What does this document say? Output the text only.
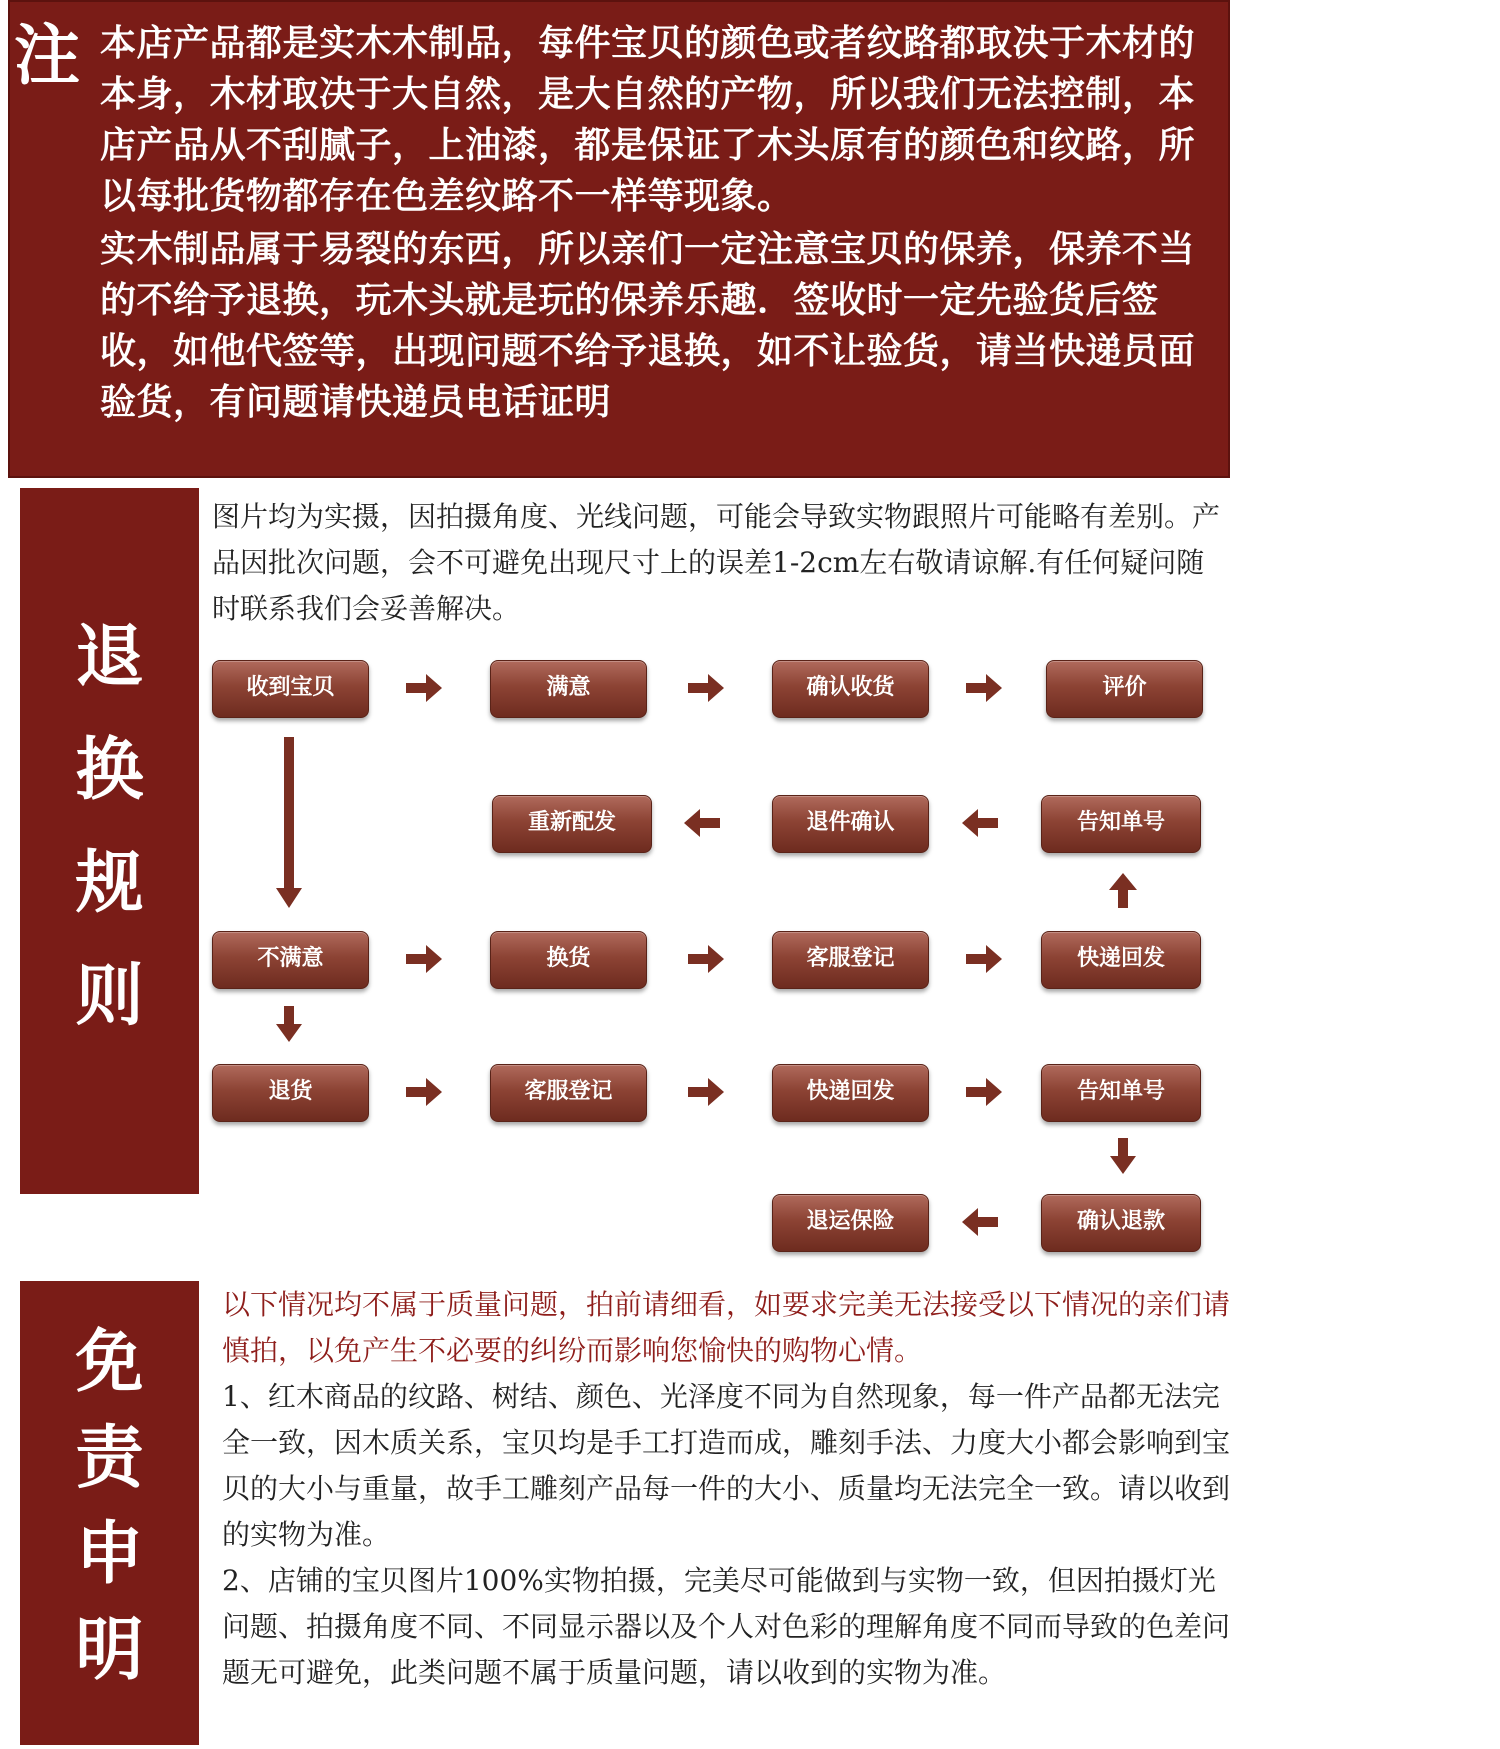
注 本店产品都是实木木制品，每件宝贝的颜色或者纹路都取决于木材的本身，木材取决于大自然，是大自然的产物，所以我们无法控制，本店产品从不刮腻子，上油漆，都是保证了木头原有的颜色和纹路，所以每批货物都存在色差纹路不一样等现象。

实木制品属于易裂的东西，所以亲们一定注意宝贝的保养，保养不当的不给予退换，玩木头就是玩的保养乐趣．签收时一定先验货后签收，如他代签等，出现问题不给予退换，如不让验货，请当快递员面验货，有问题请快递员电话证明

退
换
规
则
图片均为实摄，因拍摄角度、光线问题，可能会导致实物跟照片可能略有差别。产品因批次问题，会不可避免出现尺寸上的误差1-2cm左右敬请谅解.有任何疑问随时联系我们会妥善解决。
收到宝贝	满意	确认收货	评价
重新配发	退件确认	告知单号
不满意	换货	客服登记	快递回发
退货	客服登记	快递回发	告知单号
退运保险	确认退款
免
责
申
明

以下情况均不属于质量问题，拍前请细看，如要求完美无法接受以下情况的亲们请慎拍，以免产生不必要的纠纷而影响您愉快的购物心情。

1、红木商品的纹路、树结、颜色、光泽度不同为自然现象，每一件产品都无法完全一致，因木质关系，宝贝均是手工打造而成，雕刻手法、力度大小都会影响到宝贝的大小与重量，故手工雕刻产品每一件的大小、质量均无法完全一致。请以收到的实物为准。

2、店铺的宝贝图片100%实物拍摄，完美尽可能做到与实物一致，但因拍摄灯光问题、拍摄角度不同、不同显示器以及个人对色彩的理解角度不同而导致的色差问题无可避免，此类问题不属于质量问题，请以收到的实物为准。
